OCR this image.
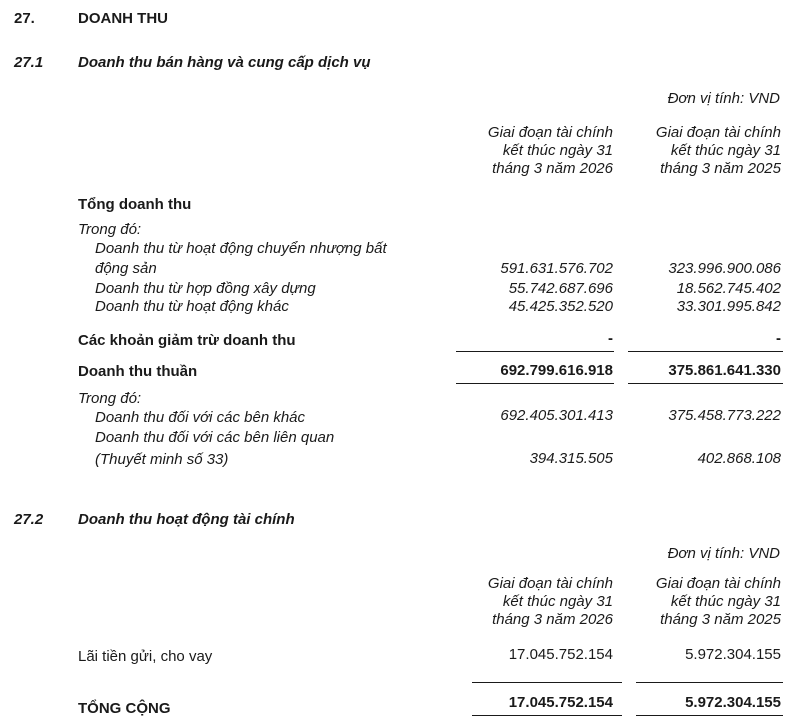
27.	DOANH THU
27.1 Doanh thu bán hàng và cung cấp dịch vụ
Đơn vị tính: VND
Giai đoạn tài chính
kết thúc ngày 31
tháng 3 năm 2026
Giai đoạn tài chính
kết thúc ngày 31
tháng 3 năm 2025
Tổng doanh thu
Trong đó:
Doanh thu từ hoạt động chuyển nhượng bất
động sản	591.631.576.702	323.996.900.086
Doanh thu từ hợp đồng xây dựng	55.742.687.696	18.562.745.402
Doanh thu từ hoạt động khác	45.425.352.520	33.301.995.842
Các khoản giảm trừ doanh thu	-	-
Doanh thu thuần	692.799.616.918	375.861.641.330
Trong đó:
Doanh thu đối với các bên khác	692.405.301.413	375.458.773.222
Doanh thu đối với các bên liên quan
(Thuyết minh số 33)	394.315.505	402.868.108
27.2 Doanh thu hoạt động tài chính
Đơn vị tính: VND
Giai đoạn tài chính
kết thúc ngày 31
tháng 3 năm 2026
Giai đoạn tài chính
kết thúc ngày 31
tháng 3 năm 2025
Lãi tiền gửi, cho vay	17.045.752.154	5.972.304.155
TỔNG CỘNG	17.045.752.154	5.972.304.155
